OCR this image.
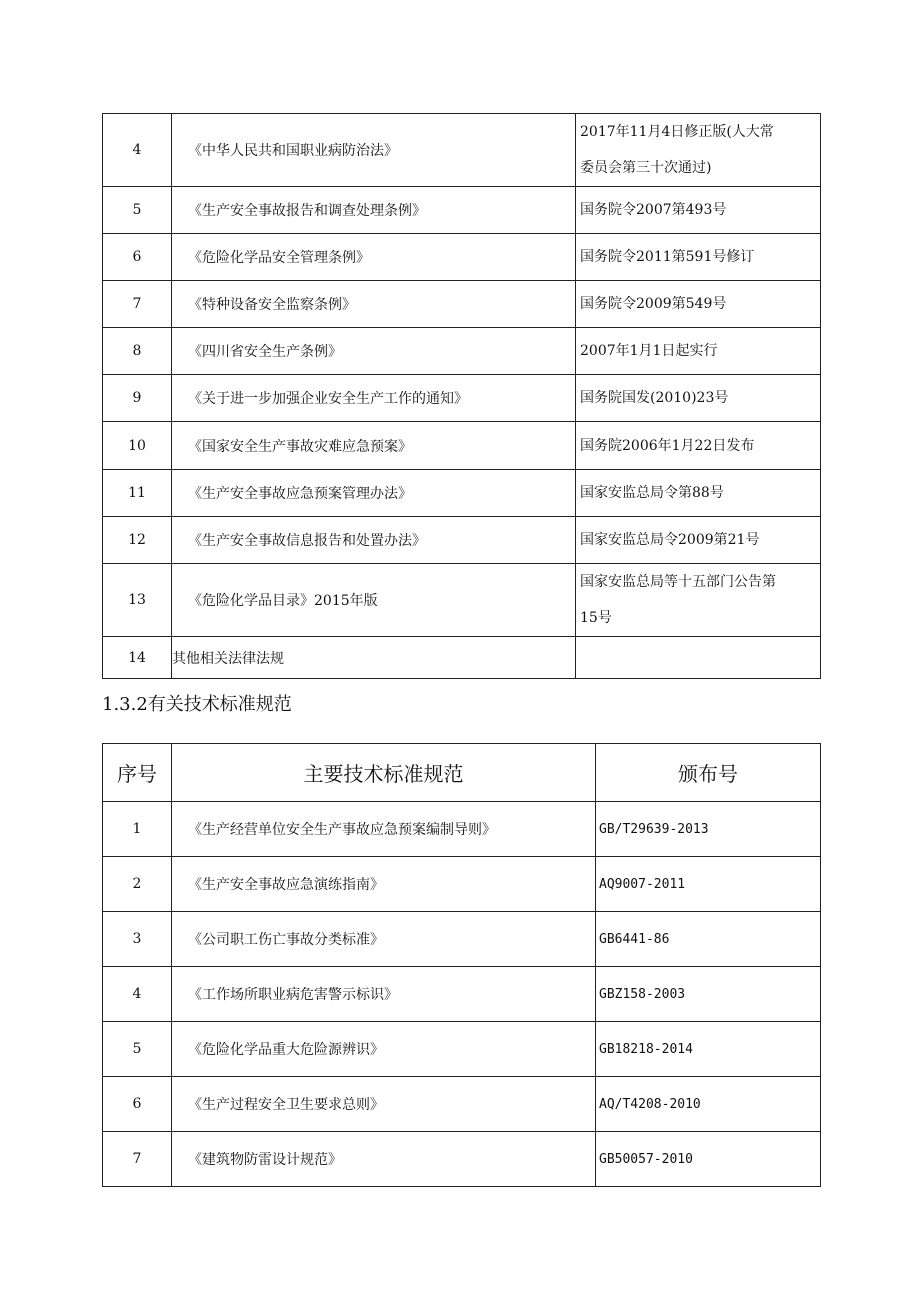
4	《中华人民共和国职业病防治法》	2017年11月4日修正版(人大常
委员会第三十次通过)

5	《生产安全事故报告和调查处理条例》	国务院令2007第493号
6	《危险化学品安全管理条例》	国务院令2011第591号修订
7	《特种设备安全监察条例》	国务院令2009第549号
8	《四川省安全生产条例》	2007年1月1日起实行
9	《关于进一步加强企业安全生产工作的通知》	国务院国发(2010)23号
10	《国家安全生产事故灾难应急预案》	国务院2006年1月22日发布
11	《生产安全事故应急预案管理办法》	国家安监总局令第88号
12	《生产安全事故信息报告和处置办法》	国家安监总局令2009第21号
13	《危险化学品目录》2015年版	国家安监总局等十五部门公告第
15号

14	其他相关法律法规	
1.3.2有关技术标准规范
序号	主要技术标准规范	颁布号
1	《生产经营单位安全生产事故应急预案编制导则》	GB/T29639-2013
2	《生产安全事故应急演练指南》	AQ9007-2011
3	《公司职工伤亡事故分类标准》	GB6441-86
4	《工作场所职业病危害警示标识》	GBZ158-2003
5	《危险化学品重大危险源辨识》	GB18218-2014
6	《生产过程安全卫生要求总则》	AQ/T4208-2010
7	《建筑物防雷设计规范》	GB50057-2010
